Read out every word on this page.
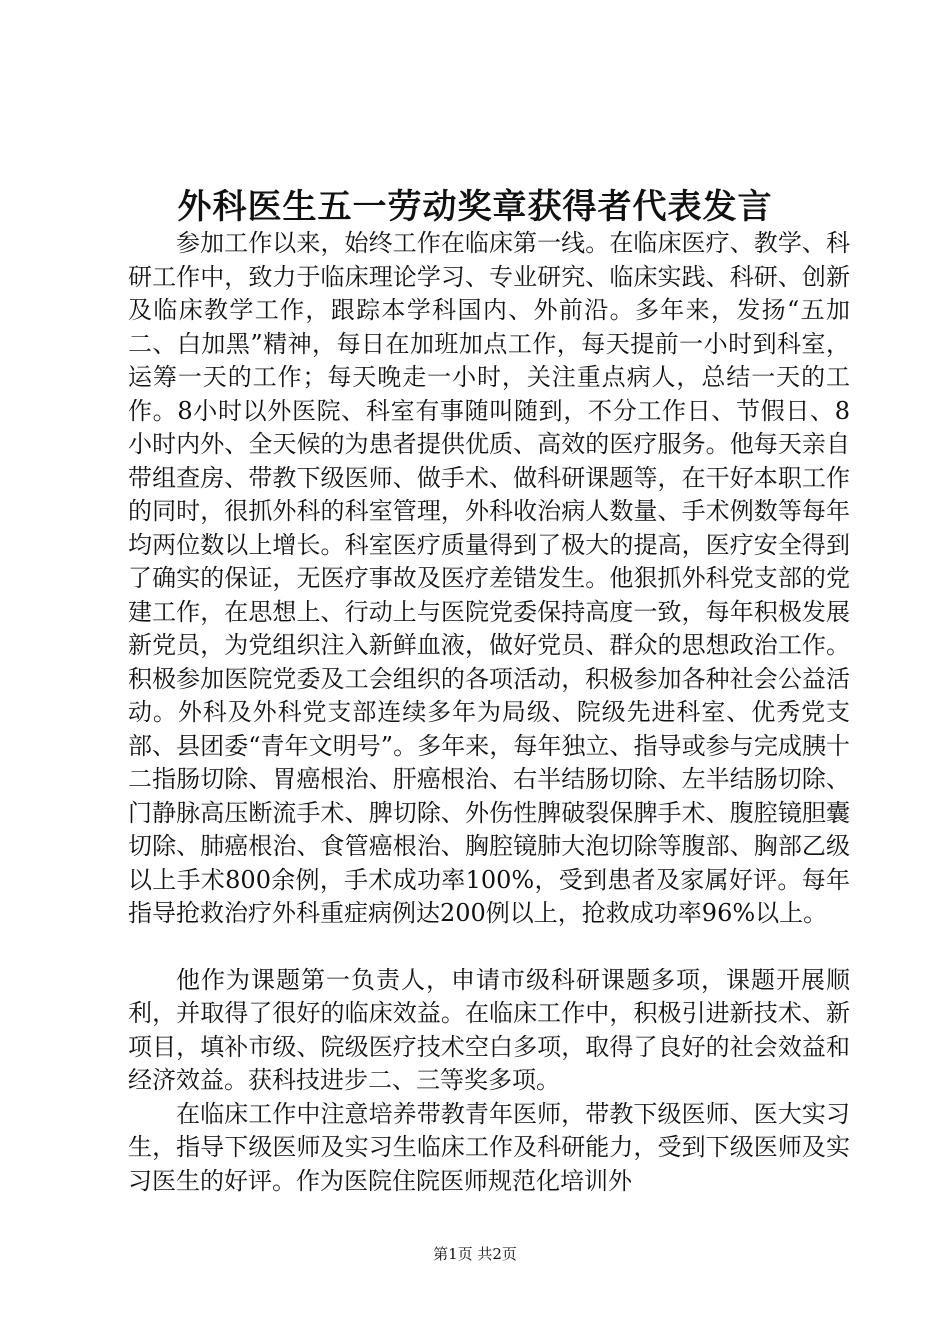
外科医生五一劳动奖章获得者代表发言

参加工作以来，始终工作在临床第一线。在临床医疗、教学、科研工作中，致力于临床理论学习、专业研究、临床实践、科研、创新及临床教学工作，跟踪本学科国内、外前沿。多年来，发扬“五加二、白加黑”精神，每日在加班加点工作，每天提前一小时到科室，运筹一天的工作；每天晚走一小时，关注重点病人，总结一天的工作。8小时以外医院、科室有事随叫随到，不分工作日、节假日、8小时内外、全天候的为患者提供优质、高效的医疗服务。他每天亲自带组查房、带教下级医师、做手术、做科研课题等，在干好本职工作的同时，很抓外科的科室管理，外科收治病人数量、手术例数等每年均两位数以上增长。科室医疗质量得到了极大的提高，医疗安全得到了确实的保证，无医疗事故及医疗差错发生。他狠抓外科党支部的党建工作，在思想上、行动上与医院党委保持高度一致，每年积极发展新党员，为党组织注入新鲜血液，做好党员、群众的思想政治工作。积极参加医院党委及工会组织的各项活动，积极参加各种社会公益活动。外科及外科党支部连续多年为局级、院级先进科室、优秀党支部、县团委“青年文明号”。多年来，每年独立、指导或参与完成胰十二指肠切除、胃癌根治、肝癌根治、右半结肠切除、左半结肠切除、门静脉高压断流手术、脾切除、外伤性脾破裂保脾手术、腹腔镜胆囊切除、肺癌根治、食管癌根治、胸腔镜肺大泡切除等腹部、胸部乙级以上手术800余例，手术成功率100%，受到患者及家属好评。每年指导抢救治疗外科重症病例达200例以上，抢救成功率96%以上。

他作为课题第一负责人，申请市级科研课题多项，课题开展顺利，并取得了很好的临床效益。在临床工作中，积极引进新技术、新项目，填补市级、院级医疗技术空白多项，取得了良好的社会效益和经济效益。获科技进步二、三等奖多项。

在临床工作中注意培养带教青年医师，带教下级医师、医大实习生，指导下级医师及实习生临床工作及科研能力，受到下级医师及实习医生的好评。作为医院住院医师规范化培训外

第1页 共2页
